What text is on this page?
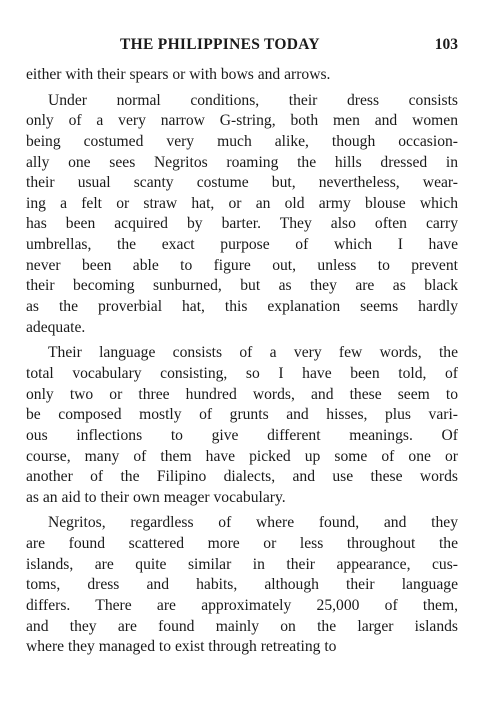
THE PHILIPPINES TODAY	103
either with their spears or with bows and arrows.
Under normal conditions, their dress consists
only of a very narrow G-string, both men and women
being costumed very much alike, though occasion-
ally one sees Negritos roaming the hills dressed in
their usual scanty costume but, nevertheless, wear-
ing a felt or straw hat, or an old army blouse which
has been acquired by barter. They also often carry
umbrellas, the exact purpose of which I have
never been able to figure out, unless to prevent
their becoming sunburned, but as they are as black
as the proverbial hat, this explanation seems hardly
adequate.
Their language consists of a very few words, the
total vocabulary consisting, so I have been told, of
only two or three hundred words, and these seem to
be composed mostly of grunts and hisses, plus vari-
ous inflections to give different meanings. Of
course, many of them have picked up some of one or
another of the Filipino dialects, and use these words
as an aid to their own meager vocabulary.
Negritos, regardless of where found, and they
are found scattered more or less throughout the
islands, are quite similar in their appearance, cus-
toms, dress and habits, although their language
differs. There are approximately 25,000 of them,
and they are found mainly on the larger islands
where they managed to exist through retreating to
